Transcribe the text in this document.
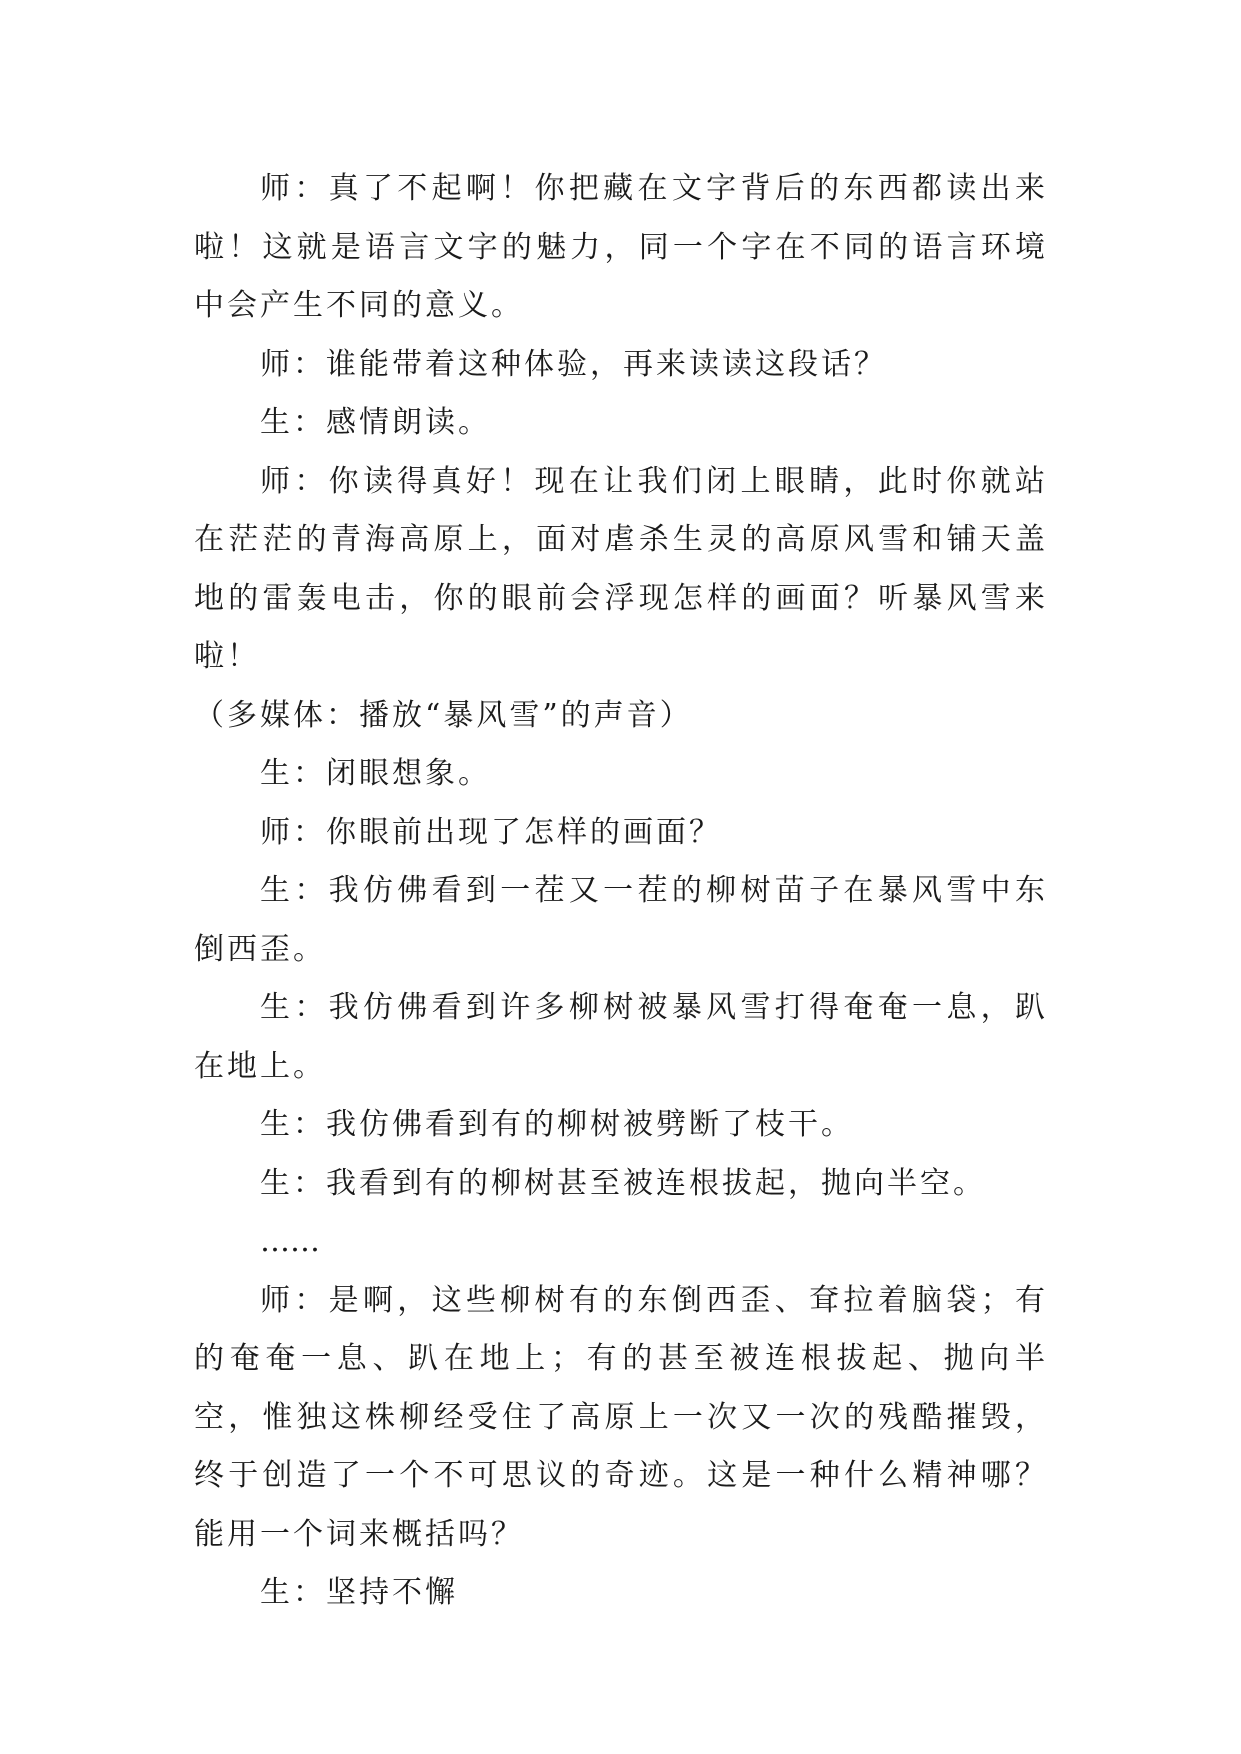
师：真了不起啊！你把藏在文字背后的东西都读出来啦！这就是语言文字的魅力，同一个字在不同的语言环境中会产生不同的意义。

师：谁能带着这种体验，再来读读这段话？

生：感情朗读。

师：你读得真好！现在让我们闭上眼睛，此时你就站在茫茫的青海高原上，面对虐杀生灵的高原风雪和铺天盖地的雷轰电击，你的眼前会浮现怎样的画面？听暴风雪来啦！

（多媒体：播放“暴风雪”的声音）

生：闭眼想象。

师：你眼前出现了怎样的画面？

生：我仿佛看到一茬又一茬的柳树苗子在暴风雪中东倒西歪。

生：我仿佛看到许多柳树被暴风雪打得奄奄一息，趴在地上。

生：我仿佛看到有的柳树被劈断了枝干。

生：我看到有的柳树甚至被连根拔起，抛向半空。

……

师：是啊，这些柳树有的东倒西歪、耷拉着脑袋；有的奄奄一息、趴在地上；有的甚至被连根拔起、抛向半空，惟独这株柳经受住了高原上一次又一次的残酷摧毁，终于创造了一个不可思议的奇迹。这是一种什么精神哪？能用一个词来概括吗？

生：坚持不懈
